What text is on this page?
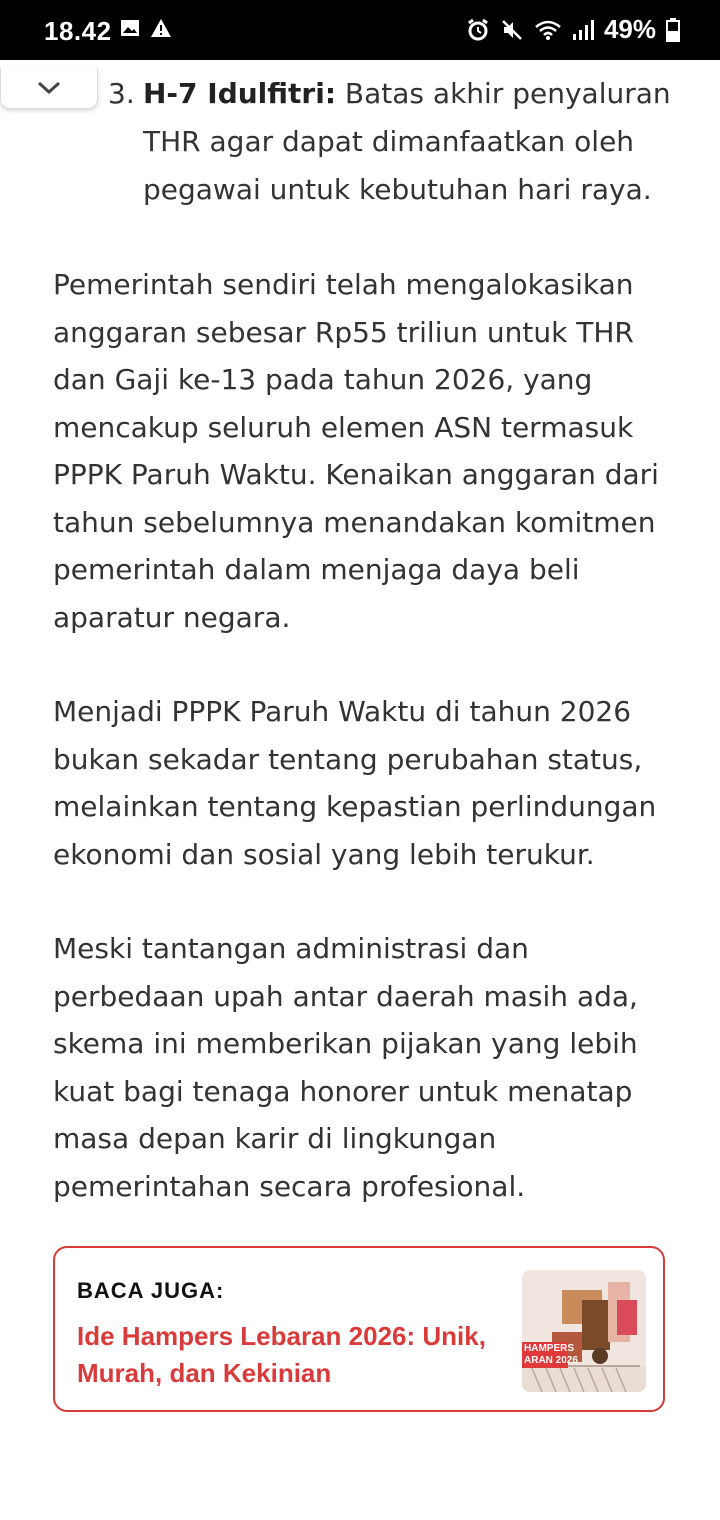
18.42	49%
3. H-7 Idulfitri: Batas akhir penyaluran THR agar dapat dimanfaatkan oleh pegawai untuk kebutuhan hari raya.

Pemerintah sendiri telah mengalokasikan anggaran sebesar Rp55 triliun untuk THR dan Gaji ke-13 pada tahun 2026, yang mencakup seluruh elemen ASN termasuk PPPK Paruh Waktu. Kenaikan anggaran dari tahun sebelumnya menandakan komitmen pemerintah dalam menjaga daya beli aparatur negara.

Menjadi PPPK Paruh Waktu di tahun 2026 bukan sekadar tentang perubahan status, melainkan tentang kepastian perlindungan ekonomi dan sosial yang lebih terukur.

Meski tantangan administrasi dan perbedaan upah antar daerah masih ada, skema ini memberikan pijakan yang lebih kuat bagi tenaga honorer untuk menatap masa depan karir di lingkungan pemerintahan secara profesional.

BACA JUGA:
Ide Hampers Lebaran 2026: Unik, Murah, dan Kekinian
HAMPERS
ARAN 2026
